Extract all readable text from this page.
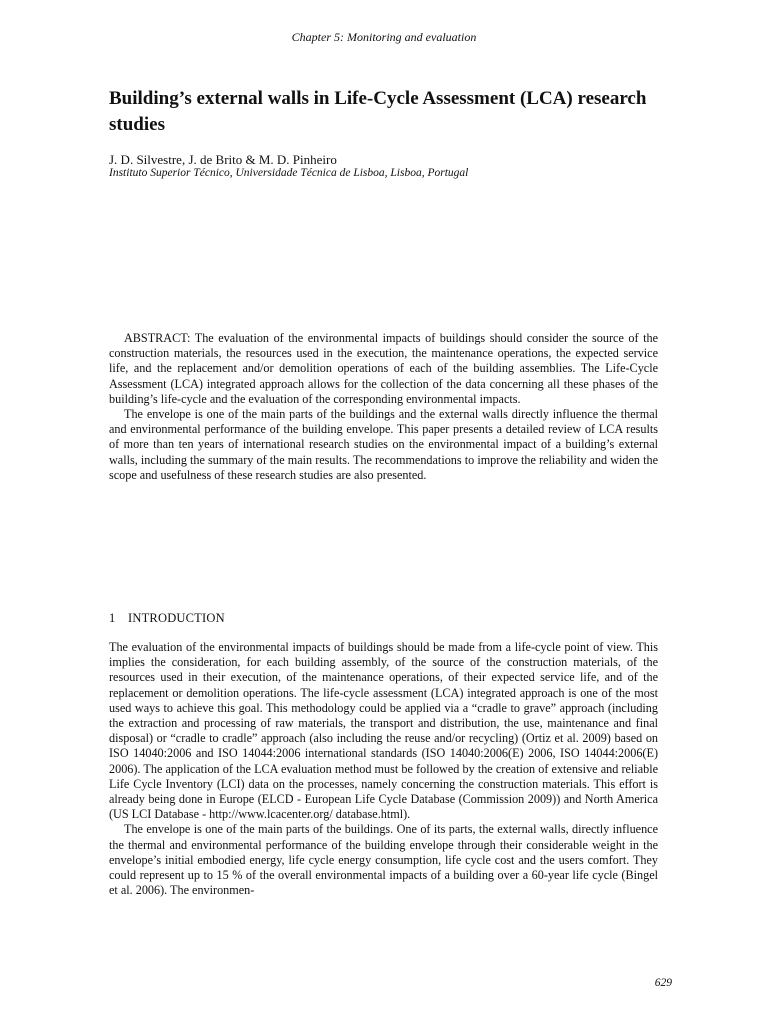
Chapter 5: Monitoring and evaluation
Building’s external walls in Life-Cycle Assessment (LCA) research studies
J. D. Silvestre, J. de Brito & M. D. Pinheiro
Instituto Superior Técnico, Universidade Técnica de Lisboa, Lisboa, Portugal

ABSTRACT: The evaluation of the environmental impacts of buildings should consider the source of the construction materials, the resources used in the execution, the maintenance operations, the expected service life, and the replacement and/or demolition operations of each of the building assemblies. The Life-Cycle Assessment (LCA) integrated approach allows for the collection of the data concerning all these phases of the building’s life-cycle and the evaluation of the corresponding environmental impacts.

The envelope is one of the main parts of the buildings and the external walls directly influence the thermal and environmental performance of the building envelope. This paper presents a detailed review of LCA results of more than ten years of international research studies on the environmental impact of a building’s external walls, including the summary of the main results. The recommendations to improve the reliability and widen the scope and usefulness of these research studies are also presented.

1 INTRODUCTION

The evaluation of the environmental impacts of buildings should be made from a life-cycle point of view. This implies the consideration, for each building assembly, of the source of the construction materials, of the resources used in their execution, of the maintenance operations, of their expected service life, and of the replacement or demolition operations. The life-cycle assessment (LCA) integrated approach is one of the most used ways to achieve this goal. This methodology could be applied via a “cradle to grave” approach (including the extraction and processing of raw materials, the transport and distribution, the use, maintenance and final disposal) or “cradle to cradle” approach (also including the reuse and/or recycling) (Ortiz et al. 2009) based on ISO 14040:2006 and ISO 14044:2006 international standards (ISO 14040:2006(E) 2006, ISO 14044:2006(E) 2006). The application of the LCA evaluation method must be followed by the creation of extensive and reliable Life Cycle Inventory (LCI) data on the processes, namely concerning the construction materials. This effort is already being done in Europe (ELCD - European Life Cycle Database (Commission 2009)) and North America (US LCI Database - http://www.lcacenter.org/ database.html).

The envelope is one of the main parts of the buildings. One of its parts, the external walls, directly influence the thermal and environmental performance of the building envelope through their considerable weight in the envelope’s initial embodied energy, life cycle energy consumption, life cycle cost and the users comfort. They could represent up to 15 % of the overall environmental impacts of a building over a 60-year life cycle (Bingel et al. 2006). The environmen-

629
